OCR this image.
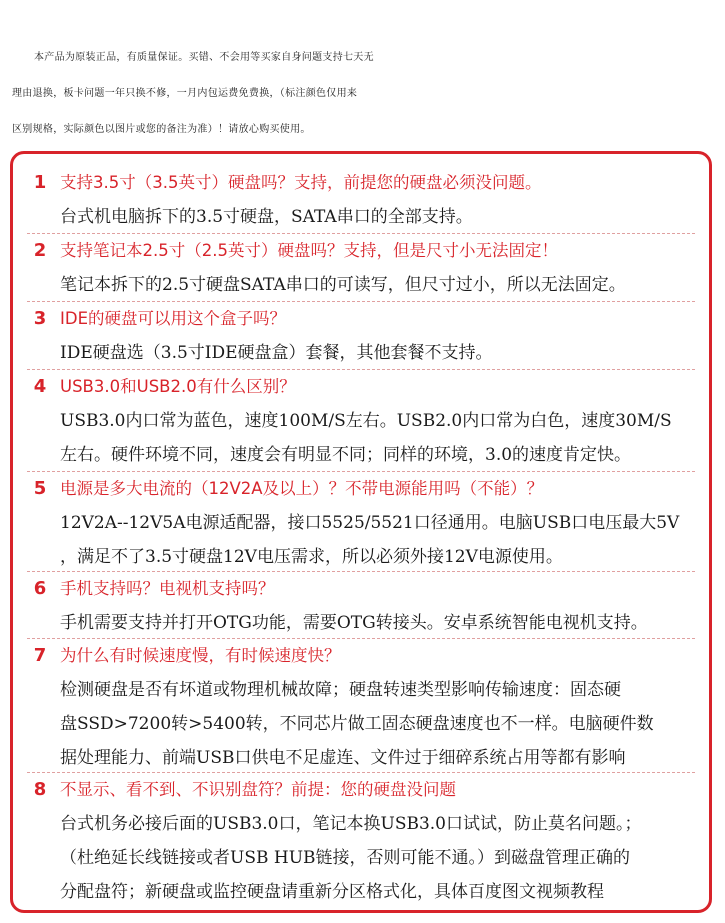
本产品为原装正品，有质量保证。买错、不会用等买家自身问题支持七天无
理由退换，板卡问题一年只换不修，一月内包运费免费换，（标注颜色仅用来
区别规格，实际颜色以图片或您的备注为准）！请放心购买使用。
1 支持3.5寸（3.5英寸）硬盘吗？支持，前提您的硬盘必须没问题。
台式机电脑拆下的3.5寸硬盘，SATA串口的全部支持。
2 支持笔记本2.5寸（2.5英寸）硬盘吗？支持，但是尺寸小无法固定！
笔记本拆下的2.5寸硬盘SATA串口的可读写，但尺寸过小，所以无法固定。
3 IDE的硬盘可以用这个盒子吗？
IDE硬盘选（3.5寸IDE硬盘盒）套餐，其他套餐不支持。
4 USB3.0和USB2.0有什么区别？
USB3.0内口常为蓝色，速度100M/S左右。USB2.0内口常为白色，速度30M/S
左右。硬件环境不同，速度会有明显不同；同样的环境，3.0的速度肯定快。
5 电源是多大电流的（12V2A及以上）？不带电源能用吗（不能）？
12V2A--12V5A电源适配器，接口5525/5521口径通用。电脑USB口电压最大5V
，满足不了3.5寸硬盘12V电压需求，所以必须外接12V电源使用。
6 手机支持吗？电视机支持吗？
手机需要支持并打开OTG功能，需要OTG转接头。安卓系统智能电视机支持。
7 为什么有时候速度慢，有时候速度快？
检测硬盘是否有坏道或物理机械故障；硬盘转速类型影响传输速度：固态硬
盘SSD>7200转>5400转，不同芯片做工固态硬盘速度也不一样。电脑硬件数
据处理能力、前端USB口供电不足虚连、文件过于细碎系统占用等都有影响
8 不显示、看不到、不识别盘符？前提：您的硬盘没问题
台式机务必接后面的USB3.0口，笔记本换USB3.0口试试，防止莫名问题。；
（杜绝延长线链接或者USB HUB链接，否则可能不通。）到磁盘管理正确的
分配盘符；新硬盘或监控硬盘请重新分区格式化，具体百度图文视频教程
